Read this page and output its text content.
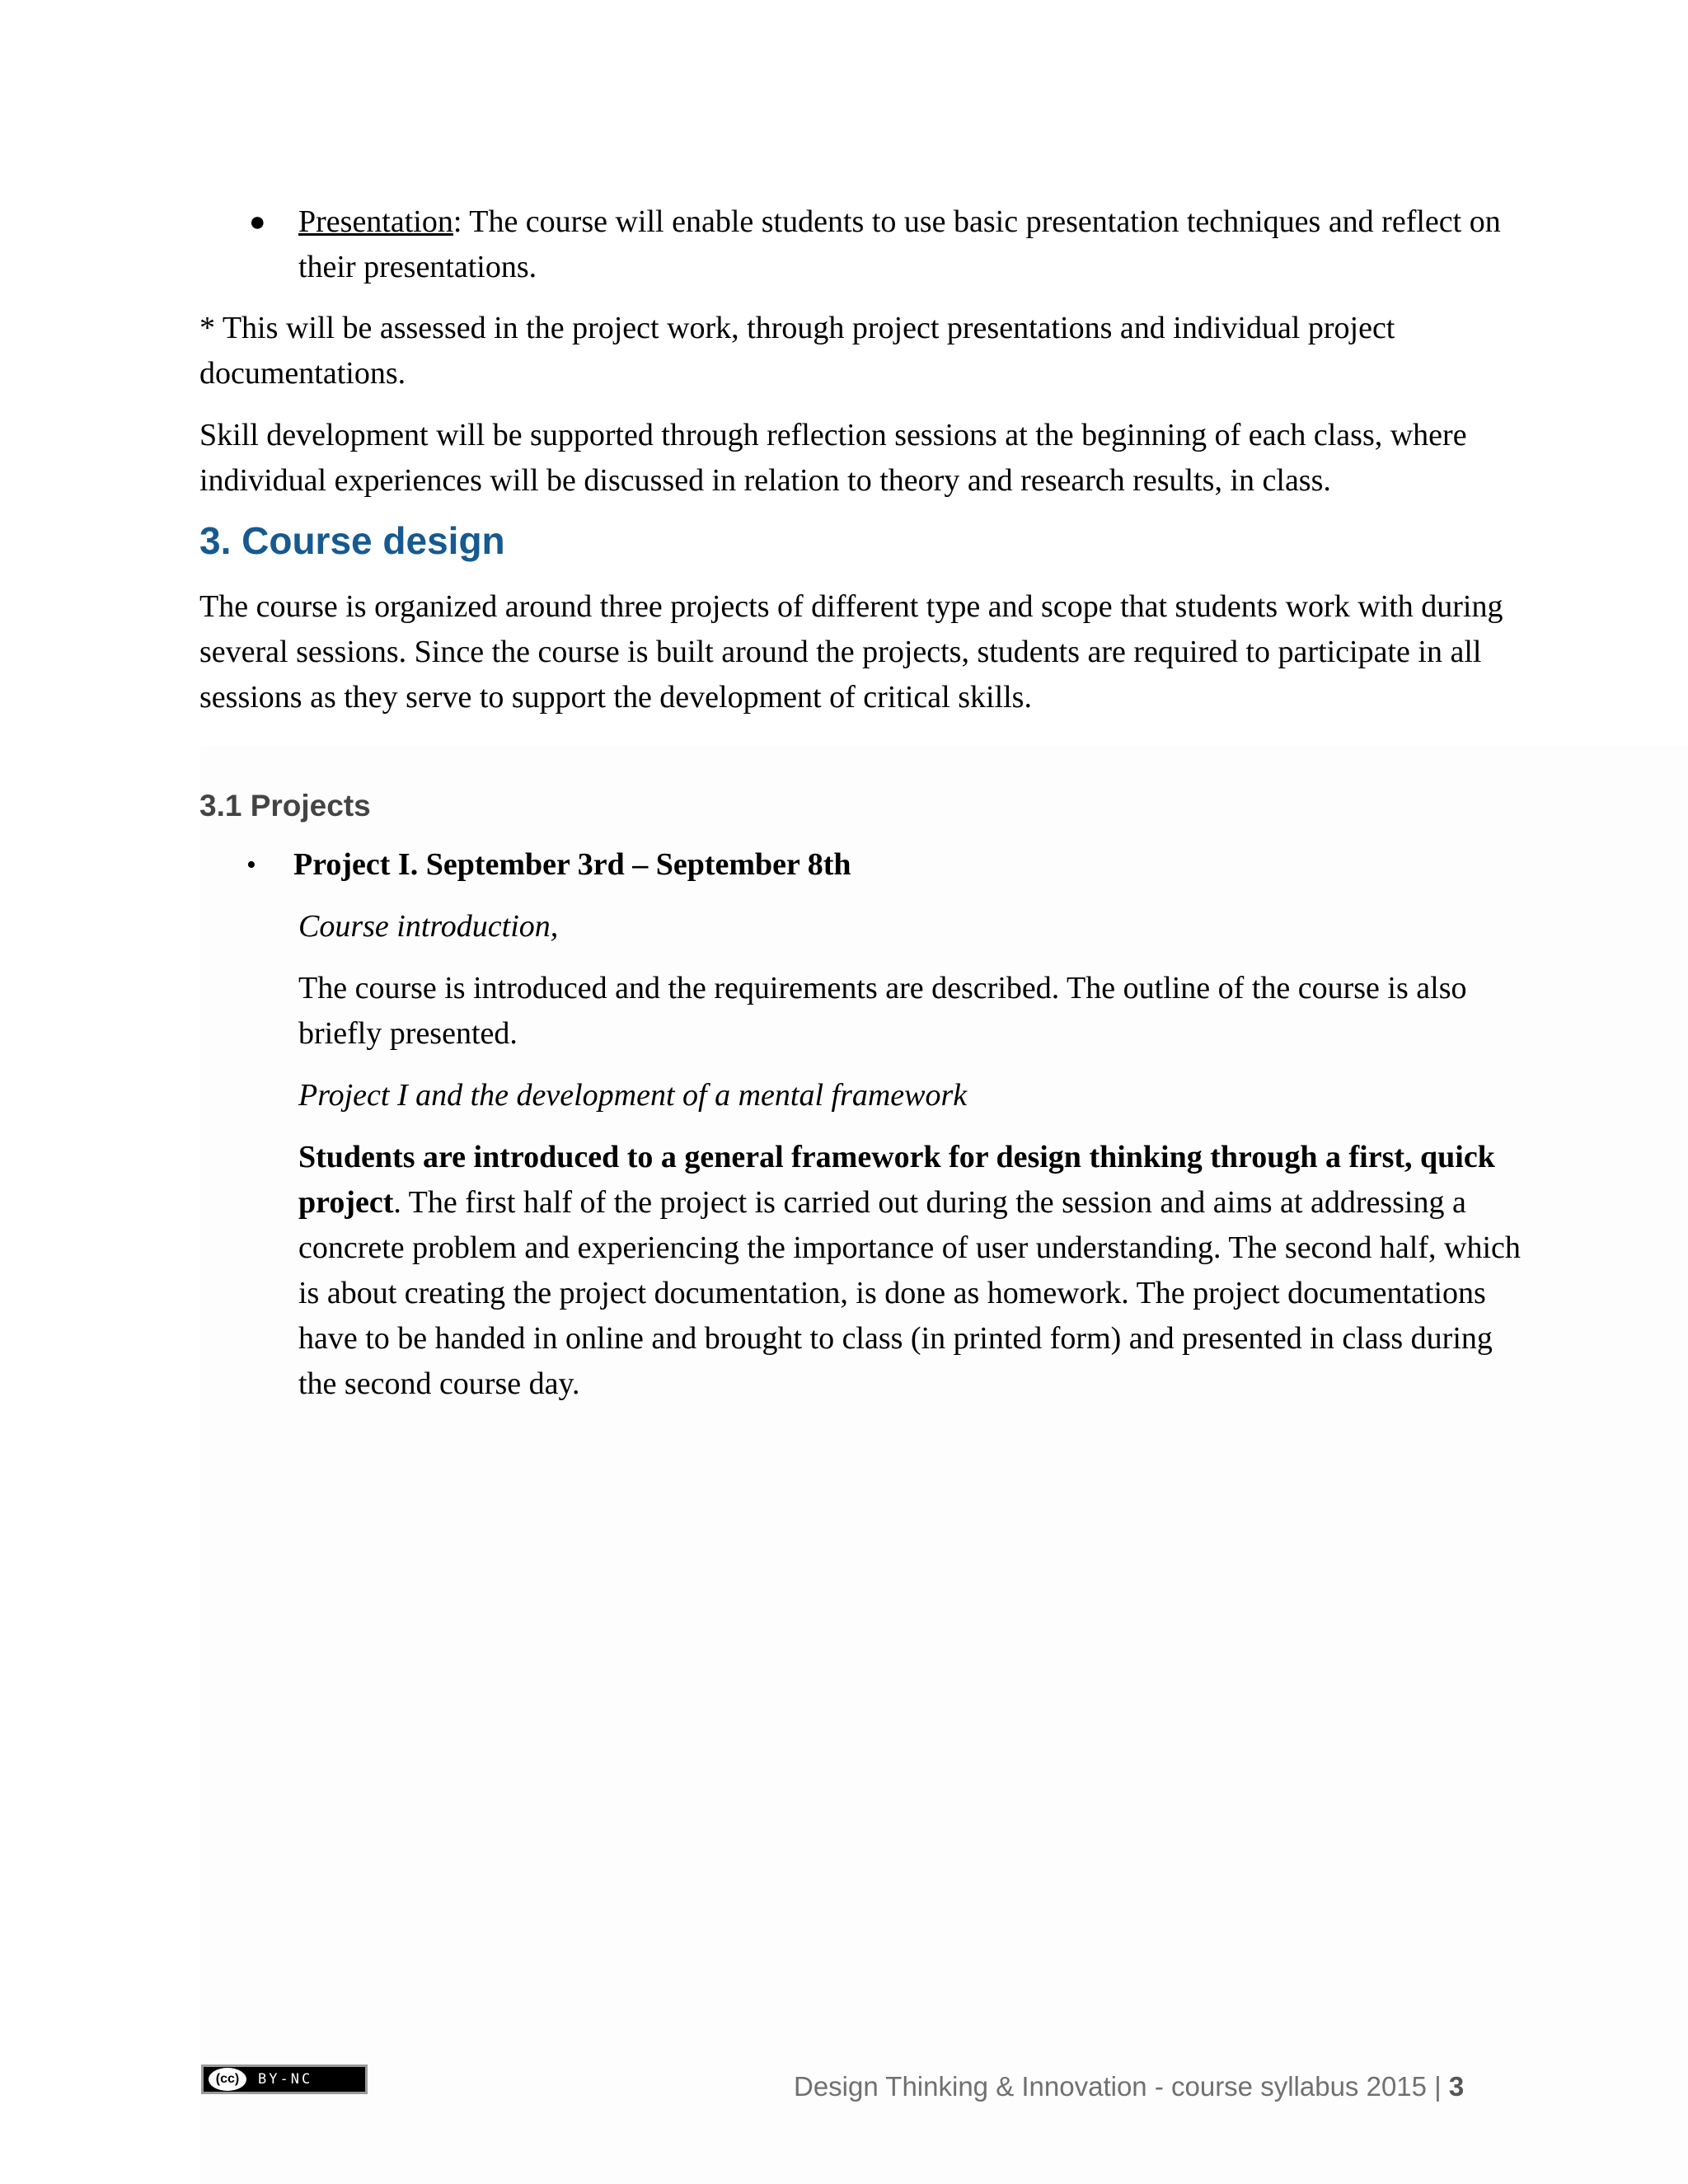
● Presentation: The course will enable students to use basic presentation techniques and reflect on their presentations.

* This will be assessed in the project work, through project presentations and individual project documentations.

Skill development will be supported through reflection sessions at the beginning of each class, where individual experiences will be discussed in relation to theory and research results, in class.

3. Course design

The course is organized around three projects of different type and scope that students work with during several sessions. Since the course is built around the projects, students are required to participate in all sessions as they serve to support the development of critical skills.

3.1 Projects
• Project I. September 3rd – September 8th

Course introduction,

The course is introduced and the requirements are described. The outline of the course is also briefly presented.

Project I and the development of a mental framework

Students are introduced to a general framework for design thinking through a first, quick project. The first half of the project is carried out during the session and aims at addressing a concrete problem and experiencing the importance of user understanding. The second half, which is about creating the project documentation, is done as homework. The project documentations have to be handed in online and brought to class (in printed form) and presented in class during the second course day.

(cc)	BY-NC	Design Thinking & Innovation - course syllabus 2015 | 3
